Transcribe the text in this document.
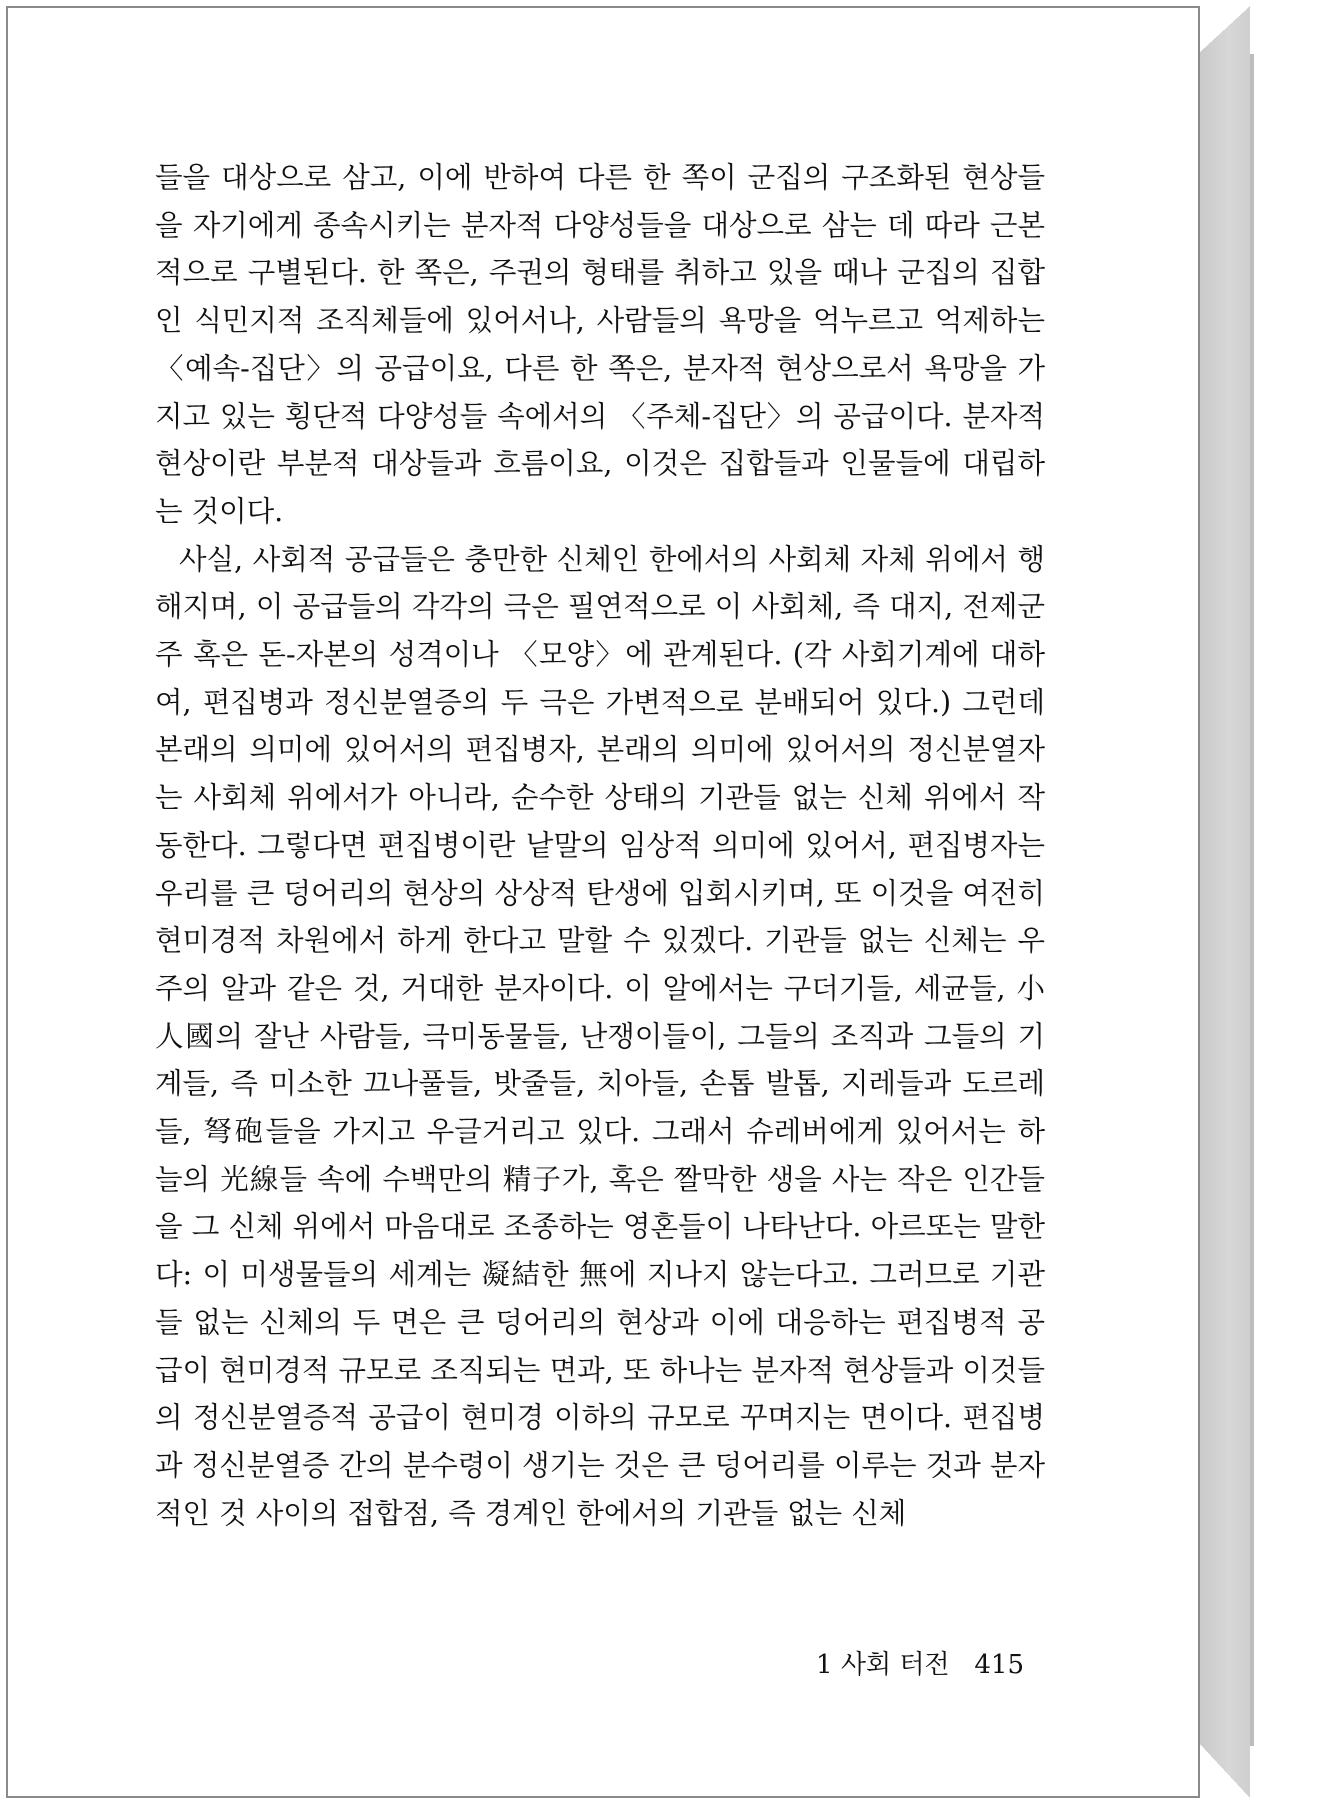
들을 대상으로 삼고, 이에 반하여 다른 한 쪽이 군집의 구조화된 현상들을 자기에게 종속시키는 분자적 다양성들을 대상으로 삼는 데 따라 근본적으로 구별된다. 한 쪽은, 주권의 형태를 취하고 있을 때나 군집의 집합인 식민지적 조직체들에 있어서나, 사람들의 욕망을 억누르고 억제하는 〈예속-집단〉의 공급이요, 다른 한 쪽은, 분자적 현상으로서 욕망을 가지고 있는 횡단적 다양성들 속에서의 〈주체-집단〉의 공급이다. 분자적 현상이란 부분적 대상들과 흐름이요, 이것은 집합들과 인물들에 대립하는 것이다.

사실, 사회적 공급들은 충만한 신체인 한에서의 사회체 자체 위에서 행해지며, 이 공급들의 각각의 극은 필연적으로 이 사회체, 즉 대지, 전제군주 혹은 돈-자본의 성격이나 〈모양〉에 관계된다. (각 사회기계에 대하여, 편집병과 정신분열증의 두 극은 가변적으로 분배되어 있다.) 그런데 본래의 의미에 있어서의 편집병자, 본래의 의미에 있어서의 정신분열자는 사회체 위에서가 아니라, 순수한 상태의 기관들 없는 신체 위에서 작동한다. 그렇다면 편집병이란 낱말의 임상적 의미에 있어서, 편집병자는 우리를 큰 덩어리의 현상의 상상적 탄생에 입회시키며, 또 이것을 여전히 현미경적 차원에서 하게 한다고 말할 수 있겠다. 기관들 없는 신체는 우주의 알과 같은 것, 거대한 분자이다. 이 알에서는 구더기들, 세균들, 小人國의 잘난 사람들, 극미동물들, 난쟁이들이, 그들의 조직과 그들의 기계들, 즉 미소한 끄나풀들, 밧줄들, 치아들, 손톱 발톱, 지레들과 도르레들, 弩砲들을 가지고 우글거리고 있다. 그래서 슈레버에게 있어서는 하늘의 光線들 속에 수백만의 精子가, 혹은 짤막한 생을 사는 작은 인간들을 그 신체 위에서 마음대로 조종하는 영혼들이 나타난다. 아르또는 말한다: 이 미생물들의 세계는 凝結한 無에 지나지 않는다고. 그러므로 기관들 없는 신체의 두 면은 큰 덩어리의 현상과 이에 대응하는 편집병적 공급이 현미경적 규모로 조직되는 면과, 또 하나는 분자적 현상들과 이것들의 정신분열증적 공급이 현미경 이하의 규모로 꾸며지는 면이다. 편집병과 정신분열증 간의 분수령이 생기는 것은 큰 덩어리를 이루는 것과 분자적인 것 사이의 접합점, 즉 경계인 한에서의 기관들 없는 신체

1 사회 터전 415
